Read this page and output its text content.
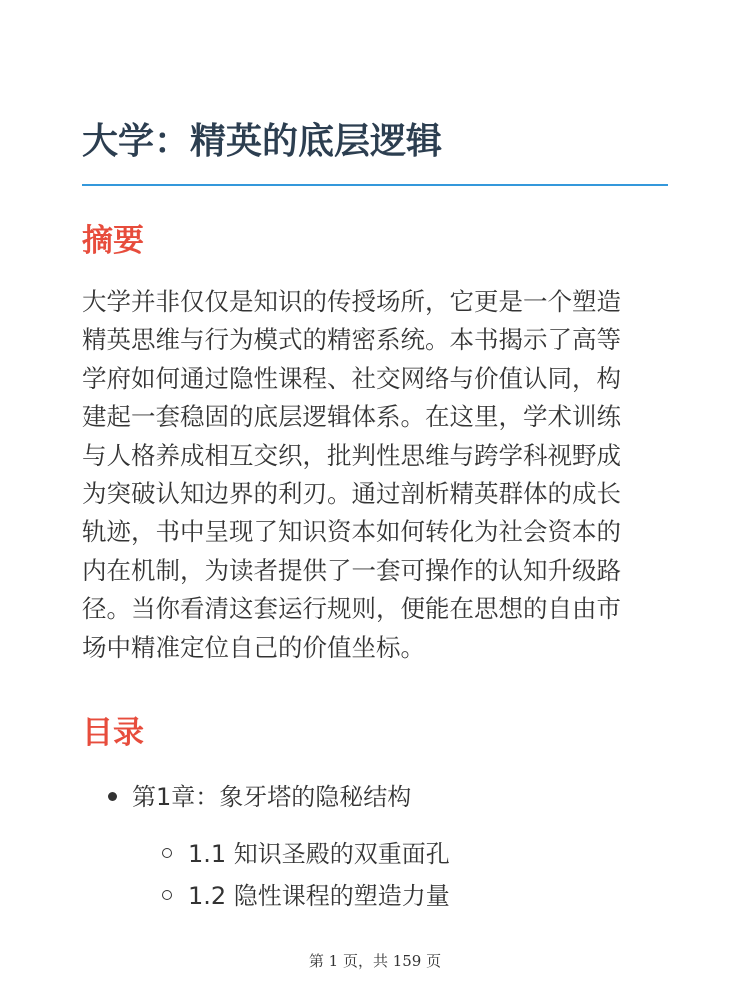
大学：精英的底层逻辑
摘要

大学并非仅仅是知识的传授场所，它更是一个塑造
精英思维与行为模式的精密系统。本书揭示了高等
学府如何通过隐性课程、社交网络与价值认同，构
建起一套稳固的底层逻辑体系。在这里，学术训练
与人格养成相互交织，批判性思维与跨学科视野成
为突破认知边界的利刃。通过剖析精英群体的成长
轨迹，书中呈现了知识资本如何转化为社会资本的
内在机制，为读者提供了一套可操作的认知升级路
径。当你看清这套运行规则，便能在思想的自由市
场中精准定位自己的价值坐标。

目录
第1章：象牙塔的隐秘结构
1.1 知识圣殿的双重面孔
1.2 隐性课程的塑造力量
第 1 页，共 159 页
